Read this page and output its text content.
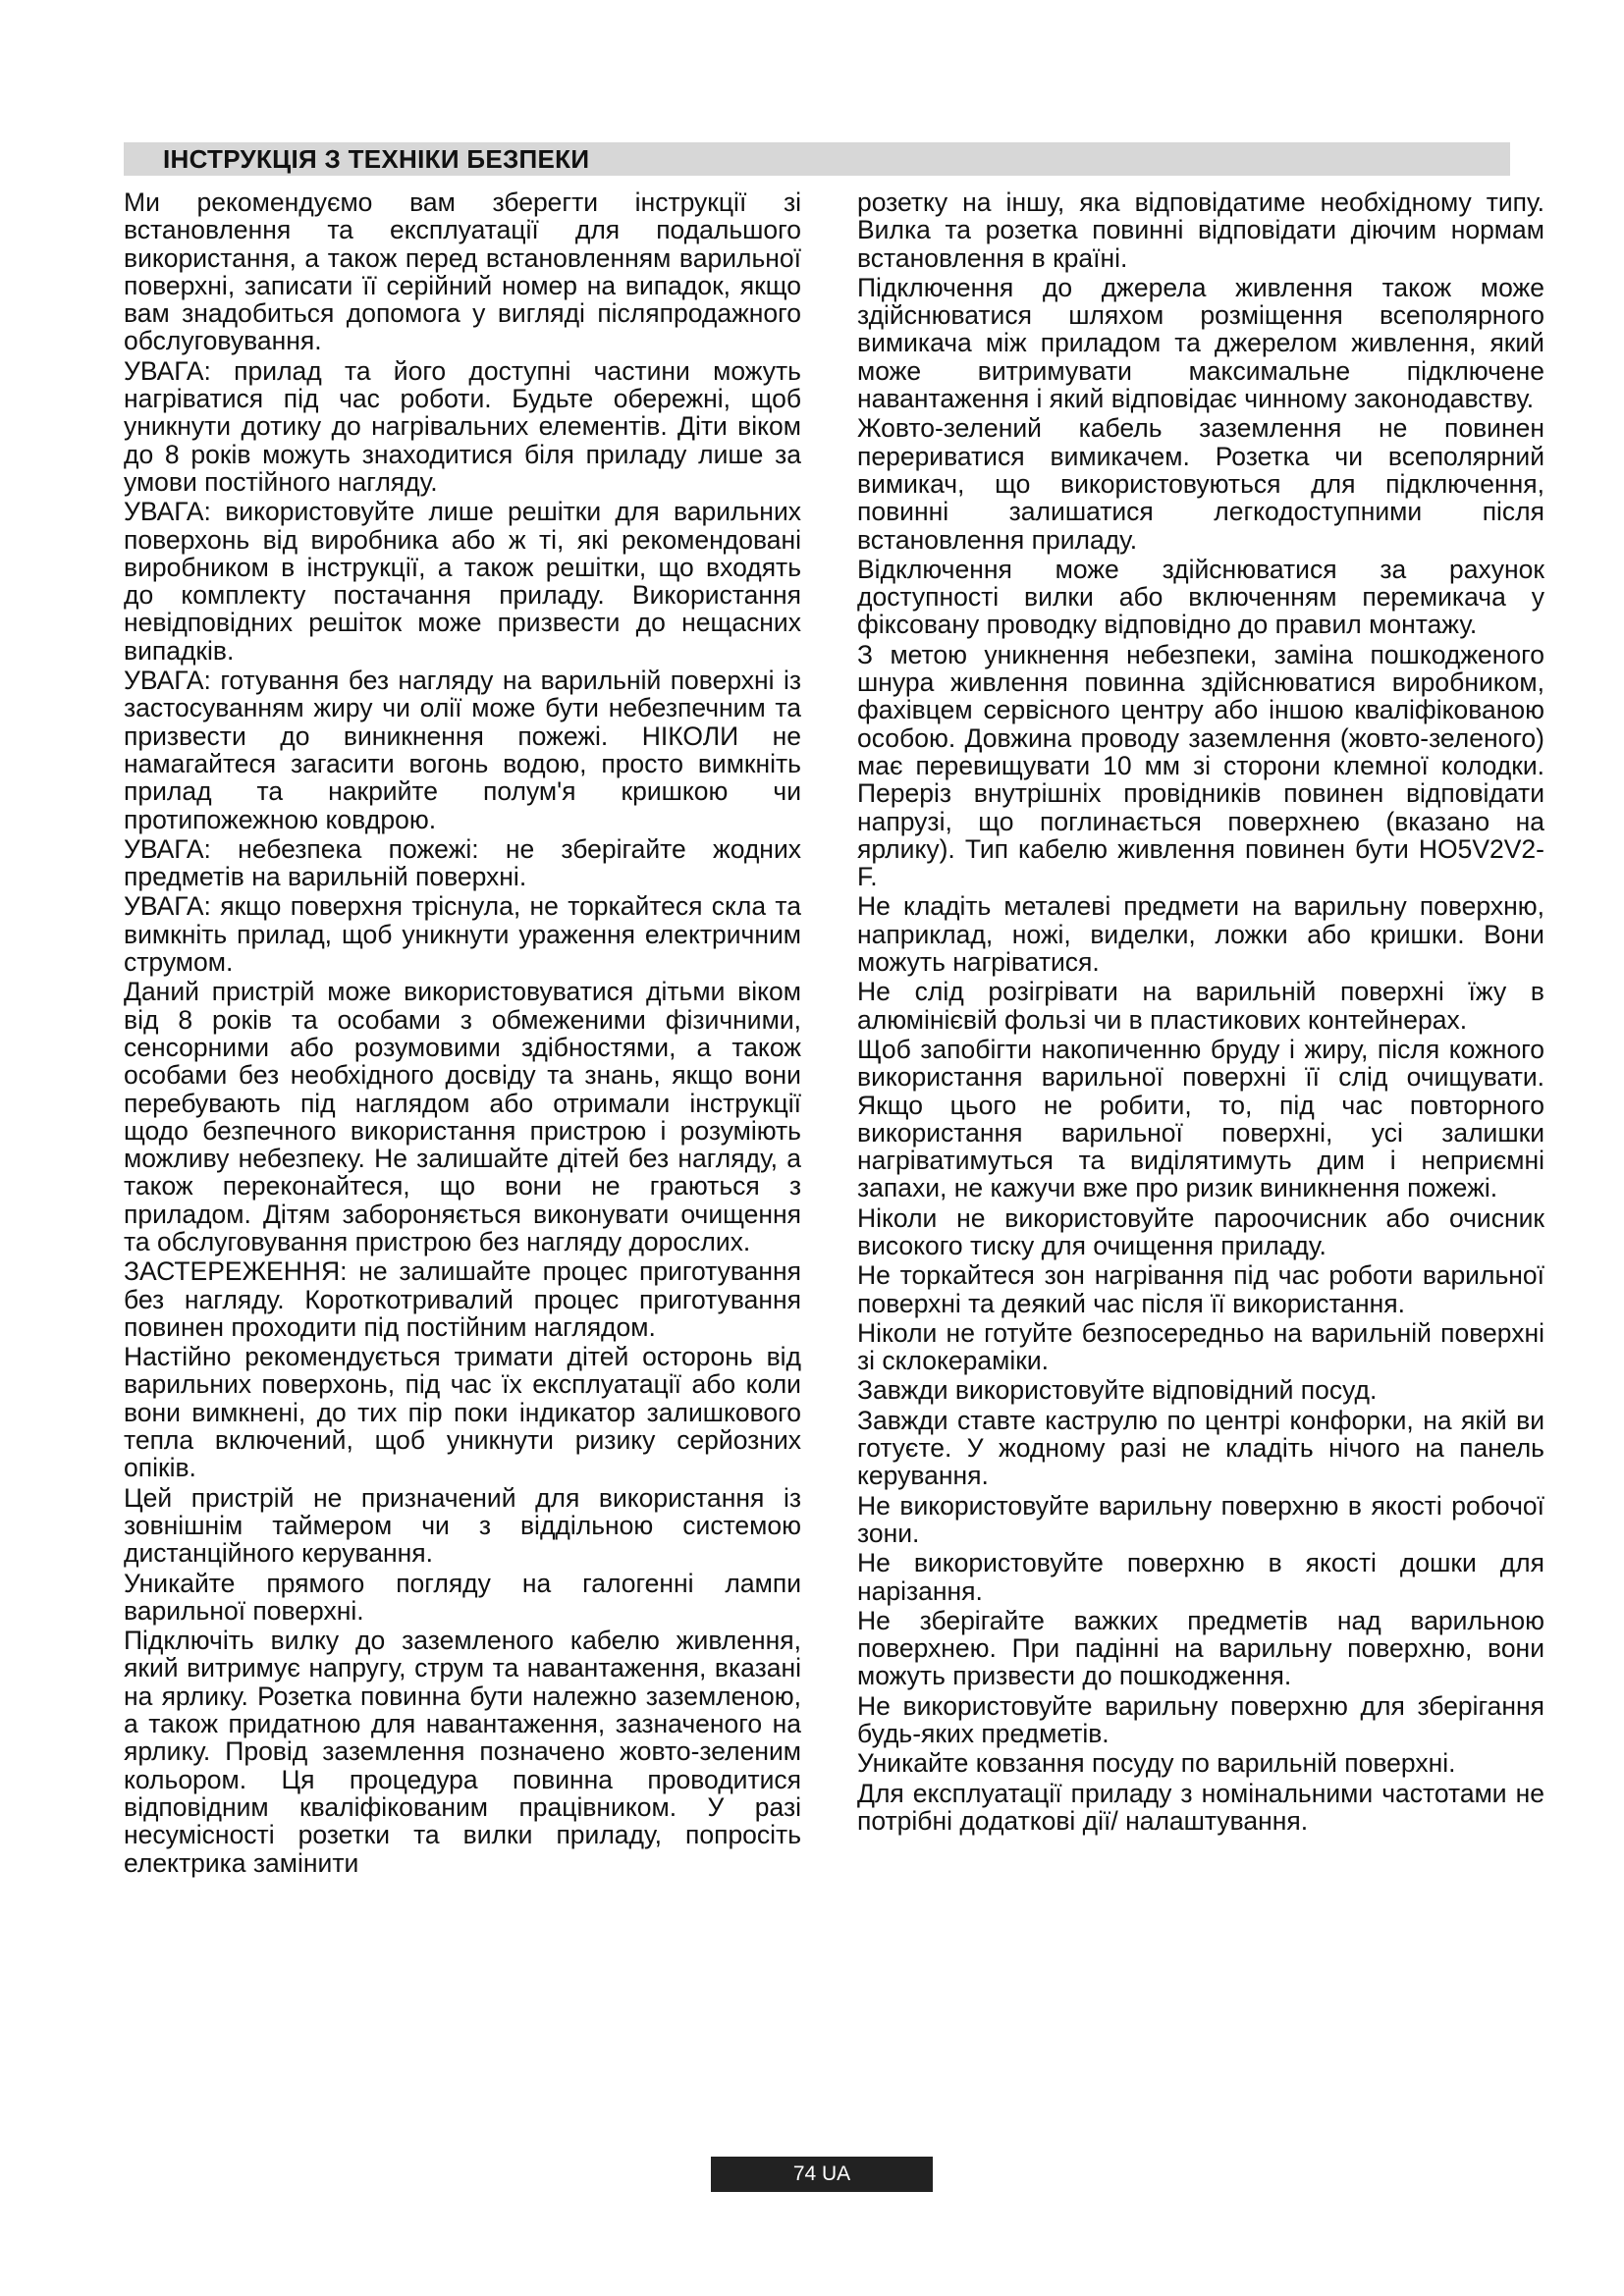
ІНСТРУКЦІЯ З ТЕХНІКИ БЕЗПЕКИ

Ми рекомендуємо вам зберегти інструкції зі встановлення та експлуатації для подальшого використання, а також перед встановленням варильної поверхні, записати її серійний номер на випадок, якщо вам знадобиться допомога у вигляді післяпродажного обслуговування.

УВАГА: прилад та його доступні частини можуть нагріватися під час роботи. Будьте обережні, щоб уникнути дотику до нагрівальних елементів. Діти віком до 8 років можуть знаходитися біля приладу лише за умови постійного нагляду.

УВАГА: використовуйте лише решітки для варильних поверхонь від виробника або ж ті, які рекомендовані виробником в інструкції, а також решітки, що входять до комплекту постачання приладу. Використання невідповідних решіток може призвести до нещасних випадків.

УВАГА: готування без нагляду на варильній поверхні із застосуванням жиру чи олії може бути небезпечним та призвести до виникнення пожежі. НІКОЛИ не намагайтеся загасити вогонь водою, просто вимкніть прилад та накрийте полум'я кришкою чи протипожежною ковдрою.

УВАГА: небезпека пожежі: не зберігайте жодних предметів на варильній поверхні.

УВАГА: якщо поверхня тріснула, не торкайтеся скла та вимкніть прилад, щоб уникнути ураження електричним струмом.

Даний пристрій може використовуватися дітьми віком від 8 років та особами з обмеженими фізичними, сенсорними або розумовими здібностями, а також особами без необхідного досвіду та знань, якщо вони перебувають під наглядом або отримали інструкції щодо безпечного використання пристрою і розуміють можливу небезпеку. Не залишайте дітей без нагляду, а також переконайтеся, що вони не граються з приладом. Дітям забороняється виконувати очищення та обслуговування пристрою без нагляду дорослих.

ЗАСТЕРЕЖЕННЯ: не залишайте процес приготування без нагляду. Короткотривалий процес приготування повинен проходити під постійним наглядом.

Настійно рекомендується тримати дітей осторонь від варильних поверхонь, під час їх експлуатації або коли вони вимкнені, до тих пір поки індикатор залишкового тепла включений, щоб уникнути ризику серйозних опіків.

Цей пристрій не призначений для використання із зовнішнім таймером чи з віддільною системою дистанційного керування.

Уникайте прямого погляду на галогенні лампи варильної поверхні.

Підключіть вилку до заземленого кабелю живлення, який витримує напругу, струм та навантаження, вказані на ярлику. Розетка повинна бути належно заземленою, а також придатною для навантаження, зазначеного на ярлику. Провід заземлення позначено жовто-зеленим кольором. Ця процедура повинна проводитися відповідним кваліфікованим працівником. У разі несумісності розетки та вилки приладу, попросіть електрика замінити

розетку на іншу, яка відповідатиме необхідному типу. Вилка та розетка повинні відповідати діючим нормам встановлення в країні.

Підключення до джерела живлення також може здійснюватися шляхом розміщення всеполярного вимикача між приладом та джерелом живлення, який може витримувати максимальне підключене навантаження і який відповідає чинному законодавству.

Жовто-зелений кабель заземлення не повинен перериватися вимикачем. Розетка чи всеполярний вимикач, що використовуються для підключення, повинні залишатися легкодоступними після встановлення приладу.

Відключення може здійснюватися за рахунок доступності вилки або включенням перемикача у фіксовану проводку відповідно до правил монтажу.

З метою уникнення небезпеки, заміна пошкодженого шнура живлення повинна здійснюватися виробником, фахівцем сервісного центру або іншою кваліфікованою особою. Довжина проводу заземлення (жовто-зеленого) має перевищувати 10 мм зі сторони клемної колодки. Переріз внутрішніх провідників повинен відповідати напрузі, що поглинається поверхнею (вказано на ярлику). Тип кабелю живлення повинен бути HO5V2V2-F.

Не кладіть металеві предмети на варильну поверхню, наприклад, ножі, виделки, ложки або кришки. Вони можуть нагріватися.

Не слід розігрівати на варильній поверхні їжу в алюмінієвій фользі чи в пластикових контейнерах.

Щоб запобігти накопиченню бруду і жиру, після кожного використання варильної поверхні її слід очищувати. Якщо цього не робити, то, під час повторного використання варильної поверхні, усі залишки нагріватимуться та виділятимуть дим і неприємні запахи, не кажучи вже про ризик виникнення пожежі.

Ніколи не використовуйте пароочисник або очисник високого тиску для очищення приладу.

Не торкайтеся зон нагрівання під час роботи варильної поверхні та деякий час після її використання.

Ніколи не готуйте безпосередньо на варильній поверхні зі склокераміки.

Завжди використовуйте відповідний посуд.

Завжди ставте каструлю по центрі конфорки, на якій ви готуєте. У жодному разі не кладіть нічого на панель керування.

Не використовуйте варильну поверхню в якості робочої зони.

Не використовуйте поверхню в якості дошки для нарізання.

Не зберігайте важких предметів над варильною поверхнею. При падінні на варильну поверхню, вони можуть призвести до пошкодження.

Не використовуйте варильну поверхню для зберігання будь-яких предметів.

Уникайте ковзання посуду по варильній поверхні.

Для експлуатації приладу з номінальними частотами не потрібні додаткові дії/ налаштування.

74 UA
